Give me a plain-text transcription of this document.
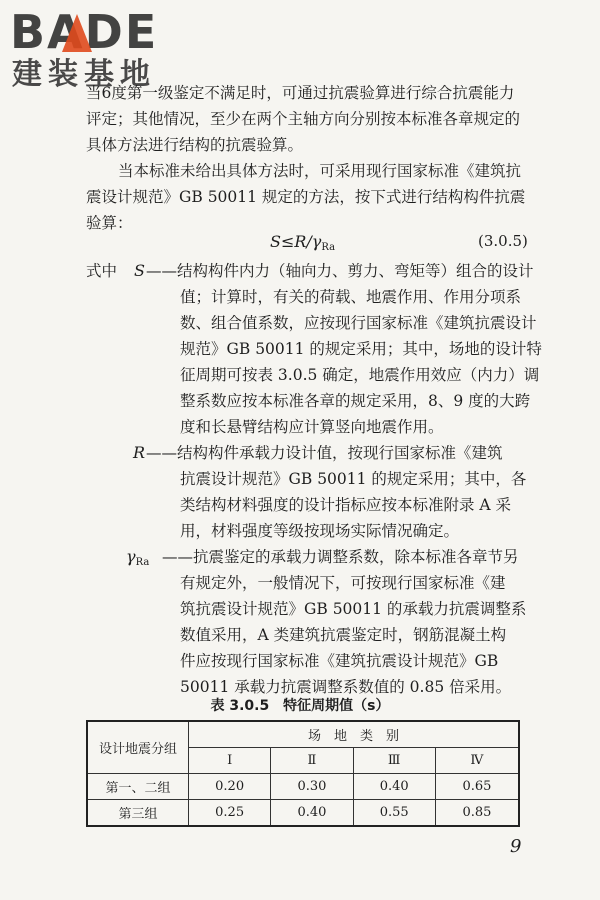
BADE
建装基地
当6度第一级鉴定不满足时，可通过抗震验算进行综合抗震能力
评定；其他情况，至少在两个主轴方向分别按本标准各章规定的
具体方法进行结构的抗震验算。
当本标准未给出具体方法时，可采用现行国家标准《建筑抗
震设计规范》GB 50011 规定的方法，按下式进行结构构件抗震
验算：
$S\le R/\gamma_{Ra}$	(3.0.5)
式中 S ——结构构件内力（轴向力、剪力、弯矩等）组合的设计
值；计算时，有关的荷载、地震作用、作用分项系
数、组合值系数，应按现行国家标准《建筑抗震设计
规范》GB 50011 的规定采用；其中，场地的设计特
征周期可按表 3.0.5 确定，地震作用效应（内力）调
整系数应按本标准各章的规定采用，8、9 度的大跨
度和长悬臂结构应计算竖向地震作用。
R ——结构构件承载力设计值，按现行国家标准《建筑
抗震设计规范》GB 50011 的规定采用；其中，各
类结构材料强度的设计指标应按本标准附录 A 采
用，材料强度等级按现场实际情况确定。
$\gamma_{Ra}$ ——抗震鉴定的承载力调整系数，除本标准各章节另
有规定外，一般情况下，可按现行国家标准《建
筑抗震设计规范》GB 50011 的承载力抗震调整系
数值采用，A 类建筑抗震鉴定时，钢筋混凝土构
件应按现行国家标准《建筑抗震设计规范》GB
50011 承载力抗震调整系数值的 0.85 倍采用。
表 3.0.5　特征周期值（s）
设计地震分组	场　地　类　别			
	Ⅰ	Ⅱ	Ⅲ	Ⅳ
第一、二组	0.20	0.30	0.40	0.65
第三组	0.25	0.40	0.55	0.85
9
